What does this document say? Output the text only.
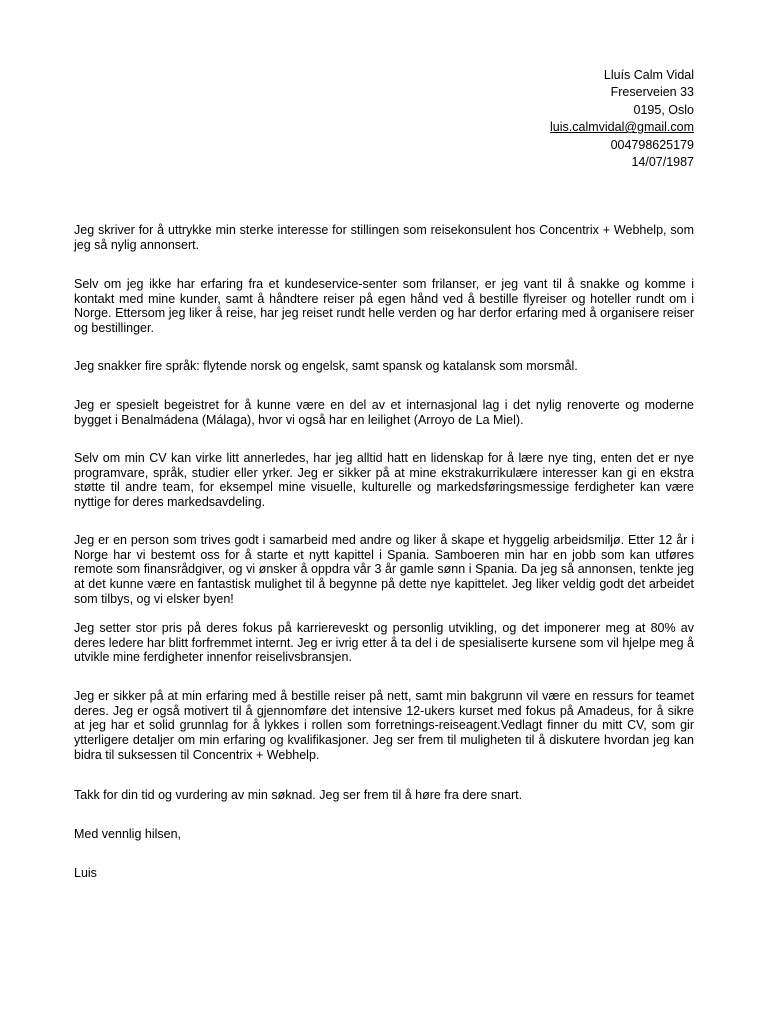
Lluís Calm Vidal
Freserveien 33
0195, Oslo
luis.calmvidal@gmail.com
004798625179
14/07/1987

Jeg skriver for å uttrykke min sterke interesse for stillingen som reisekonsulent hos Concentrix + Webhelp, som jeg så nylig annonsert.

Selv om jeg ikke har erfaring fra et kundeservice-senter som frilanser, er jeg vant til å snakke og komme i kontakt med mine kunder, samt å håndtere reiser på egen hånd ved å bestille flyreiser og hoteller rundt om i Norge. Ettersom jeg liker å reise, har jeg reiset rundt helle verden og har derfor erfaring med å organisere reiser og bestillinger.

Jeg snakker fire språk: flytende norsk og engelsk, samt spansk og katalansk som morsmål.

Jeg er spesielt begeistret for å kunne være en del av et internasjonal lag i det nylig renoverte og moderne bygget i Benalmádena (Málaga), hvor vi også har en leilighet (Arroyo de La Miel).

Selv om min CV kan virke litt annerledes, har jeg alltid hatt en lidenskap for å lære nye ting, enten det er nye programvare, språk, studier eller yrker. Jeg er sikker på at mine ekstrakurrikulære interesser kan gi en ekstra støtte til andre team, for eksempel mine visuelle, kulturelle og markedsføringsmessige ferdigheter kan være nyttige for deres markedsavdeling.

Jeg er en person som trives godt i samarbeid med andre og liker å skape et hyggelig arbeidsmiljø. Etter 12 år i Norge har vi bestemt oss for å starte et nytt kapittel i Spania. Samboeren min har en jobb som kan utføres remote som finansrådgiver, og vi ønsker å oppdra vår 3 år gamle sønn i Spania. Da jeg så annonsen, tenkte jeg at det kunne være en fantastisk mulighet til å begynne på dette nye kapittelet. Jeg liker veldig godt det arbeidet som tilbys, og vi elsker byen!

Jeg setter stor pris på deres fokus på karriereveskt og personlig utvikling, og det imponerer meg at 80% av deres ledere har blitt forfremmet internt. Jeg er ivrig etter å ta del i de spesialiserte kursene som vil hjelpe meg å utvikle mine ferdigheter innenfor reiselivsbransjen.

Jeg er sikker på at min erfaring med å bestille reiser på nett, samt min bakgrunn vil være en ressurs for teamet deres. Jeg er også motivert til å gjennomføre det intensive 12-ukers kurset med fokus på Amadeus, for å sikre at jeg har et solid grunnlag for å lykkes i rollen som forretnings-reiseagent.Vedlagt finner du mitt CV, som gir ytterligere detaljer om min erfaring og kvalifikasjoner. Jeg ser frem til muligheten til å diskutere hvordan jeg kan bidra til suksessen til Concentrix + Webhelp.

Takk for din tid og vurdering av min søknad. Jeg ser frem til å høre fra dere snart.

Med vennlig hilsen,

Luis
